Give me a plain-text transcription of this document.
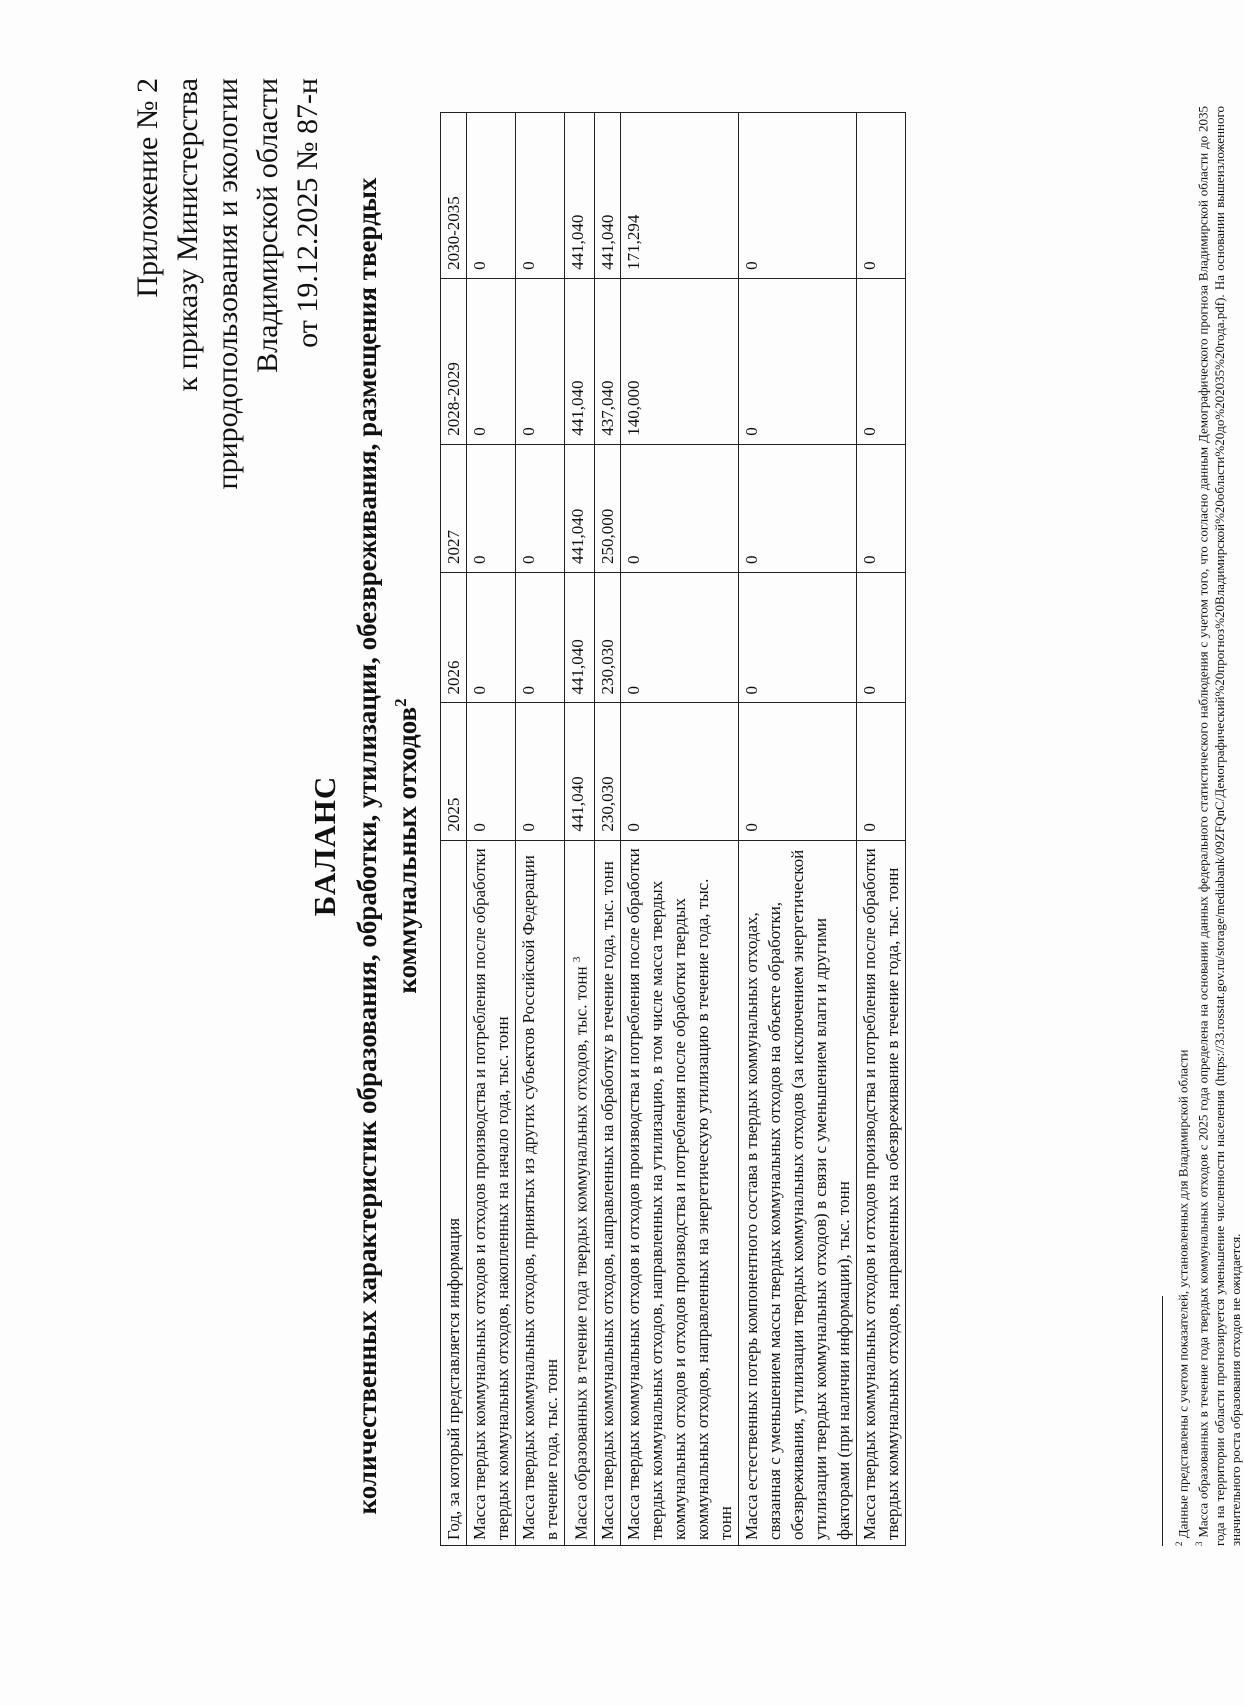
Приложение № 2 к приказу Министерства природопользования и экологии Владимирской области от 19.12.2025 № 87-н
БАЛАНС количественных характеристик образования, обработки, утилизации, обезвреживания, размещения твердых коммунальных отходов$^2$
Год, за который представляется информация	2025	2026	2027	2028-2029	2030-2035
Масса твердых коммунальных отходов и отходов производства и потребления после обработки твердых коммунальных отходов, накопленных на начало года, тыс. тонн	0	0	0	0	0
Масса твердых коммунальных отходов, принятых из других субъектов Российской Федерации в течение года, тыс. тонн	0	0	0	0	0
Масса образованных в течение года твердых коммунальных отходов, тыс. тонн $^3$	441,040	441,040	441,040	441,040	441,040
Масса твердых коммунальных отходов, направленных на обработку в течение года, тыс. тонн	230,030	230,030	250,000	437,040	441,040
Масса твердых коммунальных отходов и отходов производства и потребления после обработки твердых коммунальных отходов, направленных на утилизацию, в том числе масса твердых коммунальных отходов и отходов производства и потребления после обработки твердых коммунальных отходов, направленных на энергетическую утилизацию в течение года, тыс. тонн	0	0	0	140,000	171,294
Масса естественных потерь компонентного состава в твердых коммунальных отходах, связанная с уменьшением массы твердых коммунальных отходов на объекте обработки, обезвреживания, утилизации твердых коммунальных отходов (за исключением энергетической утилизации твердых коммунальных отходов) в связи с уменьшением влаги и другими факторами (при наличии информации), тыс. тонн	0	0	0	0	0
Масса твердых коммунальных отходов и отходов производства и потребления после обработки твердых коммунальных отходов, направленных на обезвреживание в течение года, тыс. тонн	0	0	0	0	0
$^2$ Данные представлены с учетом показателей, установленных для Владимирской области
$^3$ Масса образованных в течение года твердых коммунальных отходов с 2025 года определена на основании данных федерального статистического наблюдения с учетом того, что согласно данным Демографического прогноза Владимирской области до 2035 года на территории области прогнозируется уменьшение численности населения (https://33.rosstat.gov.ru/storage/mediabank/09ZFQnC/Демографический%20прогноз%20Владимирской%20области%20до%202035%20года.pdf). На основании вышеизложенного значительного роста образования отходов не ожидается.
